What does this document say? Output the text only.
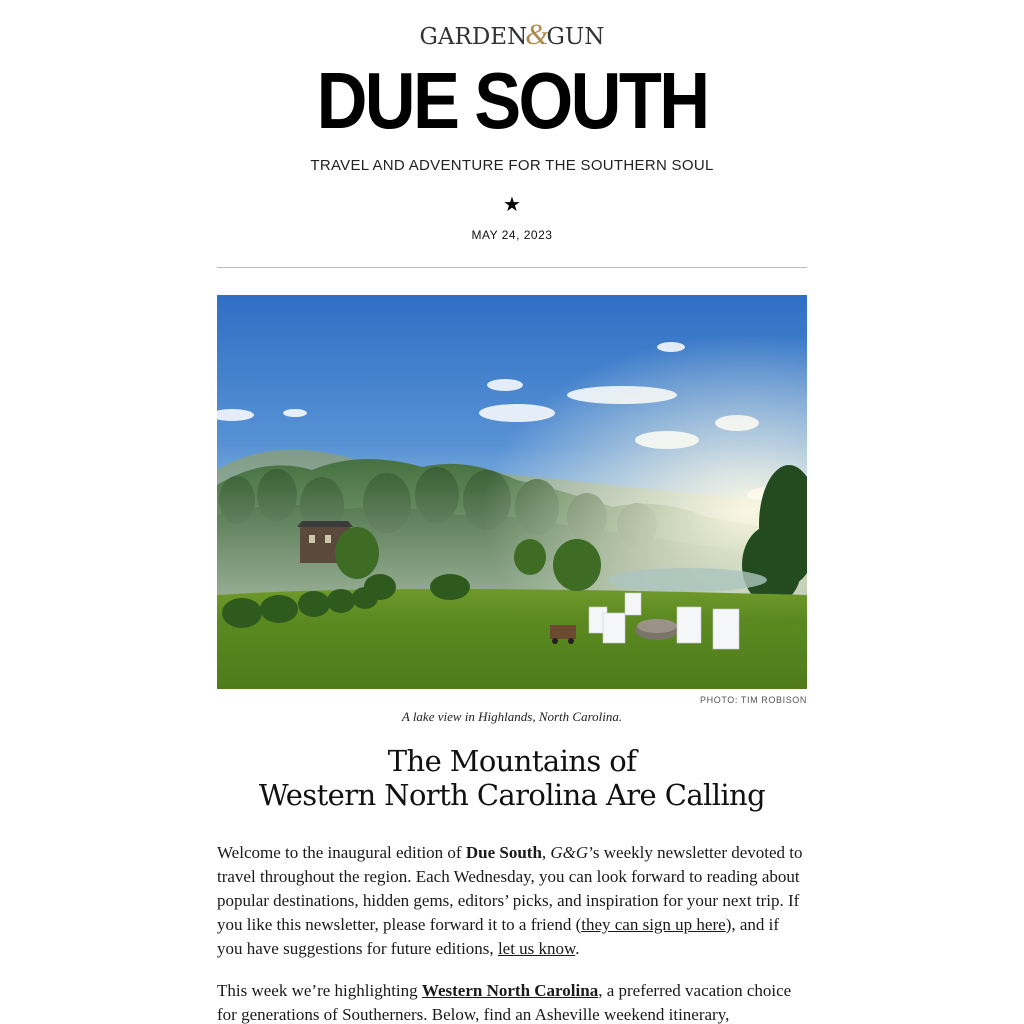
GARDEN&GUN
DUE SOUTH
TRAVEL AND ADVENTURE FOR THE SOUTHERN SOUL
★
MAY 24, 2023
PHOTO: TIM ROBISON
A lake view in Highlands, North Carolina.
The Mountains of
Western North Carolina Are Calling

Welcome to the inaugural edition of Due South, G&G’s weekly newsletter devoted to travel throughout the region. Each Wednesday, you can look forward to reading about popular destinations, hidden gems, editors’ picks, and inspiration for your next trip. If you like this newsletter, please forward it to a friend (they can sign up here), and if you have suggestions for future editions, let us know.

This week we’re highlighting Western North Carolina, a preferred vacation choice for generations of Southerners. Below, find an Asheville weekend itinerary,
